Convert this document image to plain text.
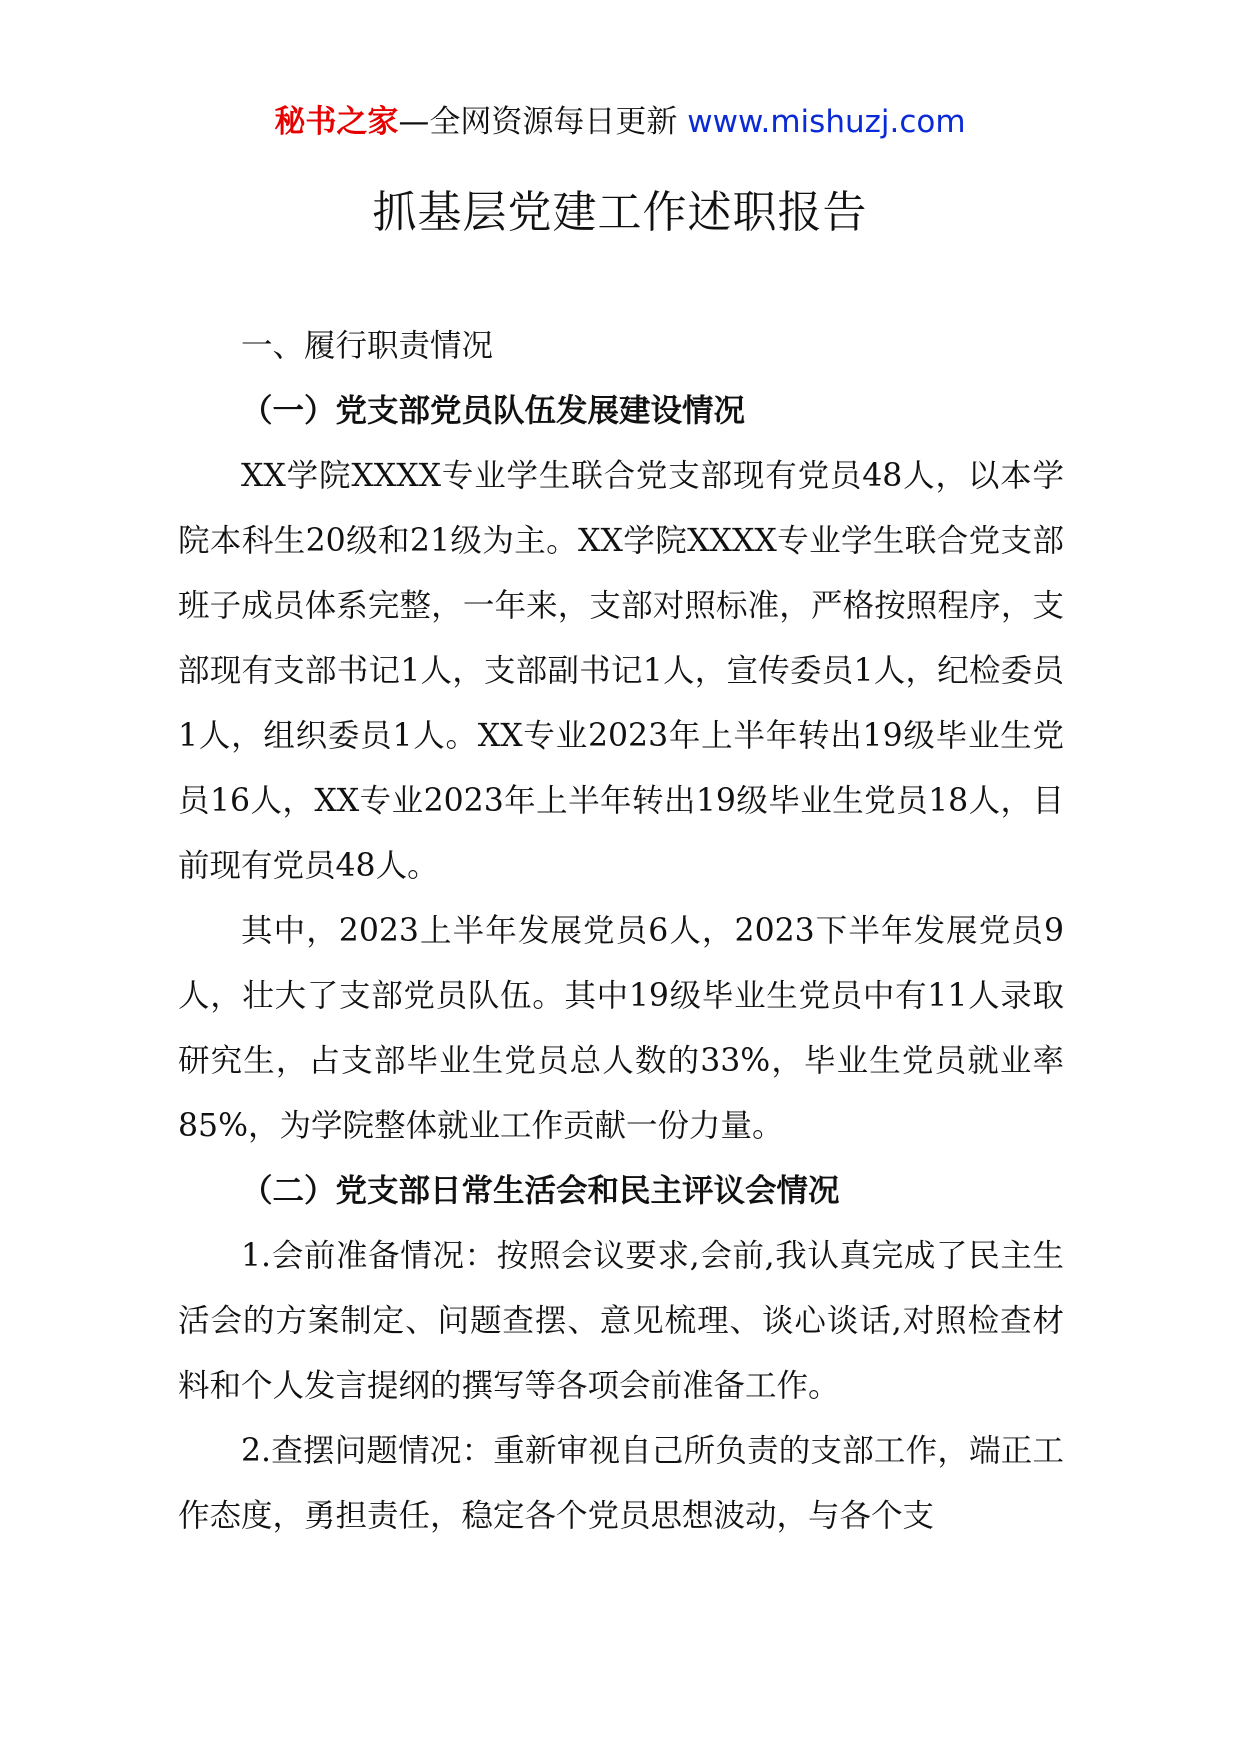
秘书之家—全网资源每日更新 www.mishuzj.com
抓基层党建工作述职报告

一、履行职责情况

（一）党支部党员队伍发展建设情况

XX学院XXXX专业学生联合党支部现有党员48人，以本学院本科生20级和21级为主。XX学院XXXX专业学生联合党支部班子成员体系完整，一年来，支部对照标准，严格按照程序，支部现有支部书记1人，支部副书记1人，宣传委员1人，纪检委员1人，组织委员1人。XX专业2023年上半年转出19级毕业生党员16人，XX专业2023年上半年转出19级毕业生党员18人，目前现有党员48人。

其中，2023上半年发展党员6人，2023下半年发展党员9人，壮大了支部党员队伍。其中19级毕业生党员中有11人录取研究生，占支部毕业生党员总人数的33%，毕业生党员就业率85%，为学院整体就业工作贡献一份力量。

（二）党支部日常生活会和民主评议会情况

1.会前准备情况：按照会议要求,会前,我认真完成了民主生活会的方案制定、问题查摆、意见梳理、谈心谈话,对照检查材料和个人发言提纲的撰写等各项会前准备工作。

2.查摆问题情况：重新审视自己所负责的支部工作，端正工作态度，勇担责任，稳定各个党员思想波动，与各个支
